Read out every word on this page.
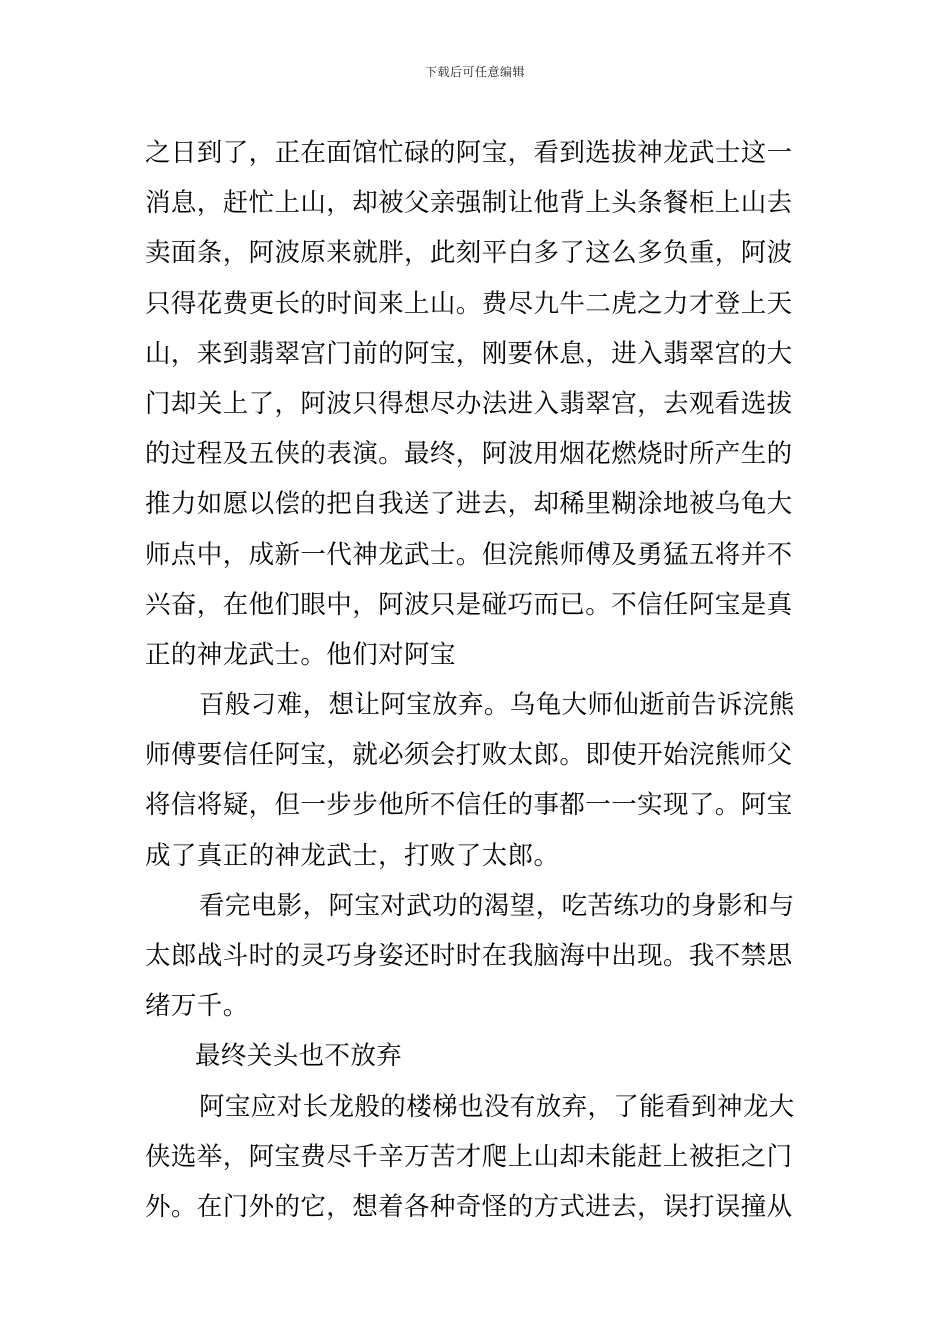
下载后可任意编辑
之日到了，正在面馆忙碌的阿宝，看到选拔神龙武士这一
消息，赶忙上山，却被父亲强制让他背上头条餐柜上山去
卖面条，阿波原来就胖，此刻平白多了这么多负重，阿波
只得花费更长的时间来上山。费尽九牛二虎之力才登上天
山，来到翡翠宫门前的阿宝，刚要休息，进入翡翠宫的大
门却关上了，阿波只得想尽办法进入翡翠宫，去观看选拔
的过程及五侠的表演。最终，阿波用烟花燃烧时所产生的
推力如愿以偿的把自我送了进去，却稀里糊涂地被乌龟大
师点中，成新一代神龙武士。但浣熊师傅及勇猛五将并不
兴奋，在他们眼中，阿波只是碰巧而已。不信任阿宝是真
正的神龙武士。他们对阿宝
百般刁难，想让阿宝放弃。乌龟大师仙逝前告诉浣熊
师傅要信任阿宝，就必须会打败太郎。即使开始浣熊师父
将信将疑，但一步步他所不信任的事都一一实现了。阿宝
成了真正的神龙武士，打败了太郎。
看完电影，阿宝对武功的渴望，吃苦练功的身影和与
太郎战斗时的灵巧身姿还时时在我脑海中出现。我不禁思
绪万千。
最终关头也不放弃
阿宝应对长龙般的楼梯也没有放弃，了能看到神龙大
侠选举，阿宝费尽千辛万苦才爬上山却未能赶上被拒之门
外。在门外的它，想着各种奇怪的方式进去，误打误撞从
